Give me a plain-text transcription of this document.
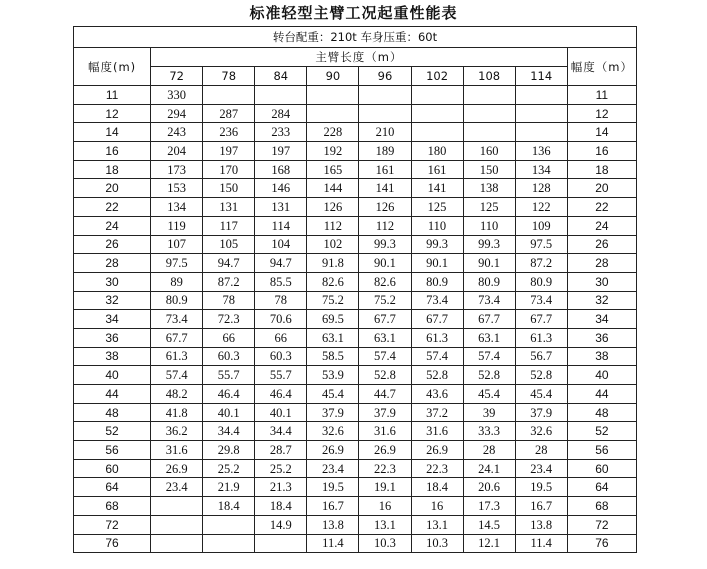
标准轻型主臂工况起重性能表
转台配重：210t 车身压重：60t									
幅度(m)	主臂长度（m）								幅度（m）
	72	78	84	90	96	102	108	114	
11	330								11
12	294	287	284						12
14	243	236	233	228	210				14
16	204	197	197	192	189	180	160	136	16
18	173	170	168	165	161	161	150	134	18
20	153	150	146	144	141	141	138	128	20
22	134	131	131	126	126	125	125	122	22
24	119	117	114	112	112	110	110	109	24
26	107	105	104	102	99.3	99.3	99.3	97.5	26
28	97.5	94.7	94.7	91.8	90.1	90.1	90.1	87.2	28
30	89	87.2	85.5	82.6	82.6	80.9	80.9	80.9	30
32	80.9	78	78	75.2	75.2	73.4	73.4	73.4	32
34	73.4	72.3	70.6	69.5	67.7	67.7	67.7	67.7	34
36	67.7	66	66	63.1	63.1	61.3	63.1	61.3	36
38	61.3	60.3	60.3	58.5	57.4	57.4	57.4	56.7	38
40	57.4	55.7	55.7	53.9	52.8	52.8	52.8	52.8	40
44	48.2	46.4	46.4	45.4	44.7	43.6	45.4	45.4	44
48	41.8	40.1	40.1	37.9	37.9	37.2	39	37.9	48
52	36.2	34.4	34.4	32.6	31.6	31.6	33.3	32.6	52
56	31.6	29.8	28.7	26.9	26.9	26.9	28	28	56
60	26.9	25.2	25.2	23.4	22.3	22.3	24.1	23.4	60
64	23.4	21.9	21.3	19.5	19.1	18.4	20.6	19.5	64
68		18.4	18.4	16.7	16	16	17.3	16.7	68
72			14.9	13.8	13.1	13.1	14.5	13.8	72
76				11.4	10.3	10.3	12.1	11.4	76
